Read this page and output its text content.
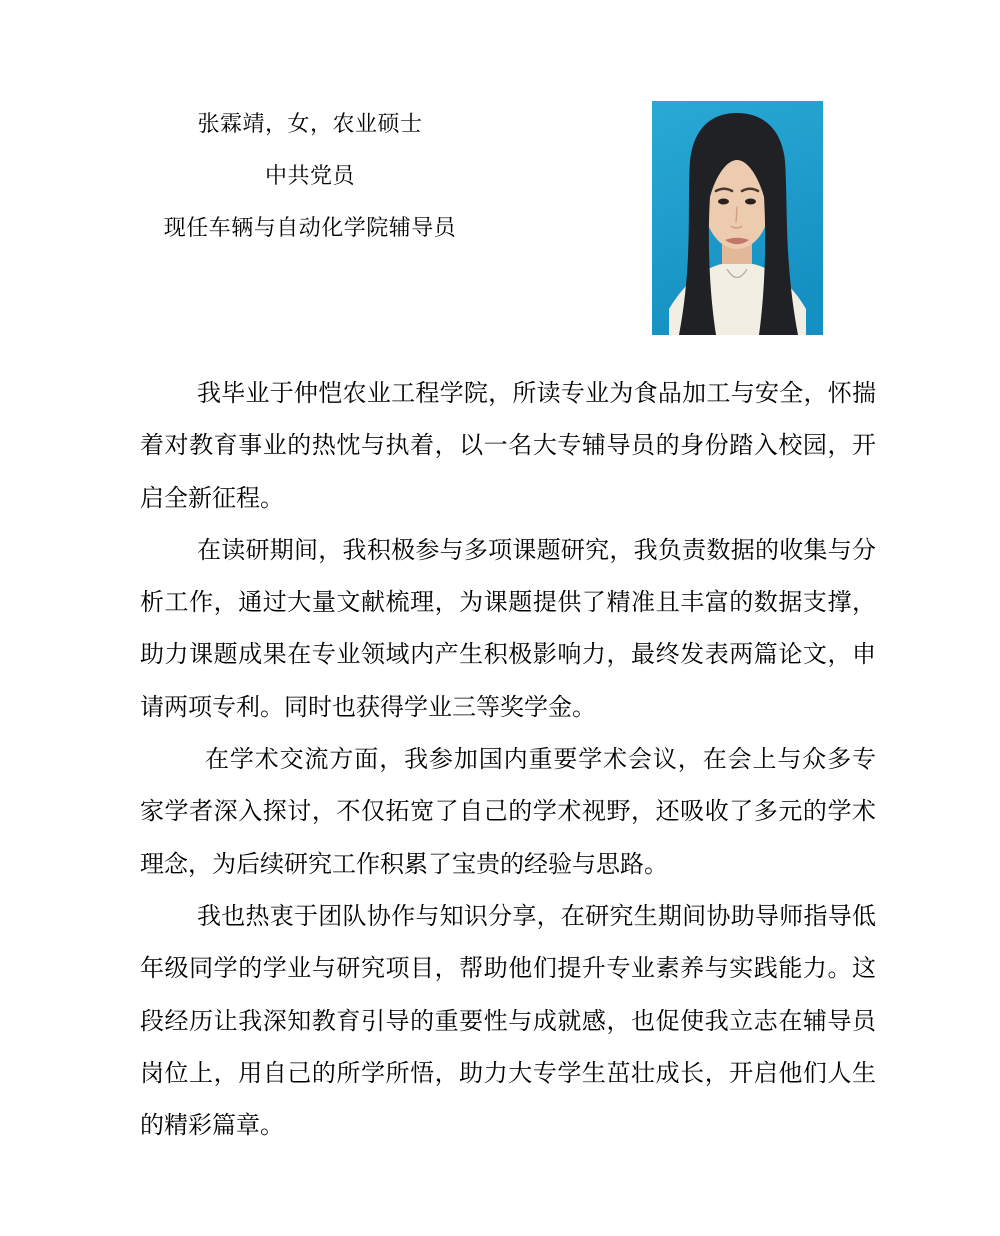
张霖靖，女，农业硕士
中共党员
现任车辆与自动化学院辅导员
我毕业于仲恺农业工程学院，所读专业为食品加工与安全，怀揣
着对教育事业的热忱与执着，以一名大专辅导员的身份踏入校园，开
启全新征程。
在读研期间，我积极参与多项课题研究，我负责数据的收集与分
析工作，通过大量文献梳理，为课题提供了精准且丰富的数据支撑，
助力课题成果在专业领域内产生积极影响力，最终发表两篇论文，申
请两项专利。同时也获得学业三等奖学金。
在学术交流方面，我参加国内重要学术会议，在会上与众多专
家学者深入探讨，不仅拓宽了自己的学术视野，还吸收了多元的学术
理念，为后续研究工作积累了宝贵的经验与思路。
我也热衷于团队协作与知识分享，在研究生期间协助导师指导低
年级同学的学业与研究项目，帮助他们提升专业素养与实践能力。这
段经历让我深知教育引导的重要性与成就感，也促使我立志在辅导员
岗位上，用自己的所学所悟，助力大专学生茁壮成长，开启他们人生
的精彩篇章。
